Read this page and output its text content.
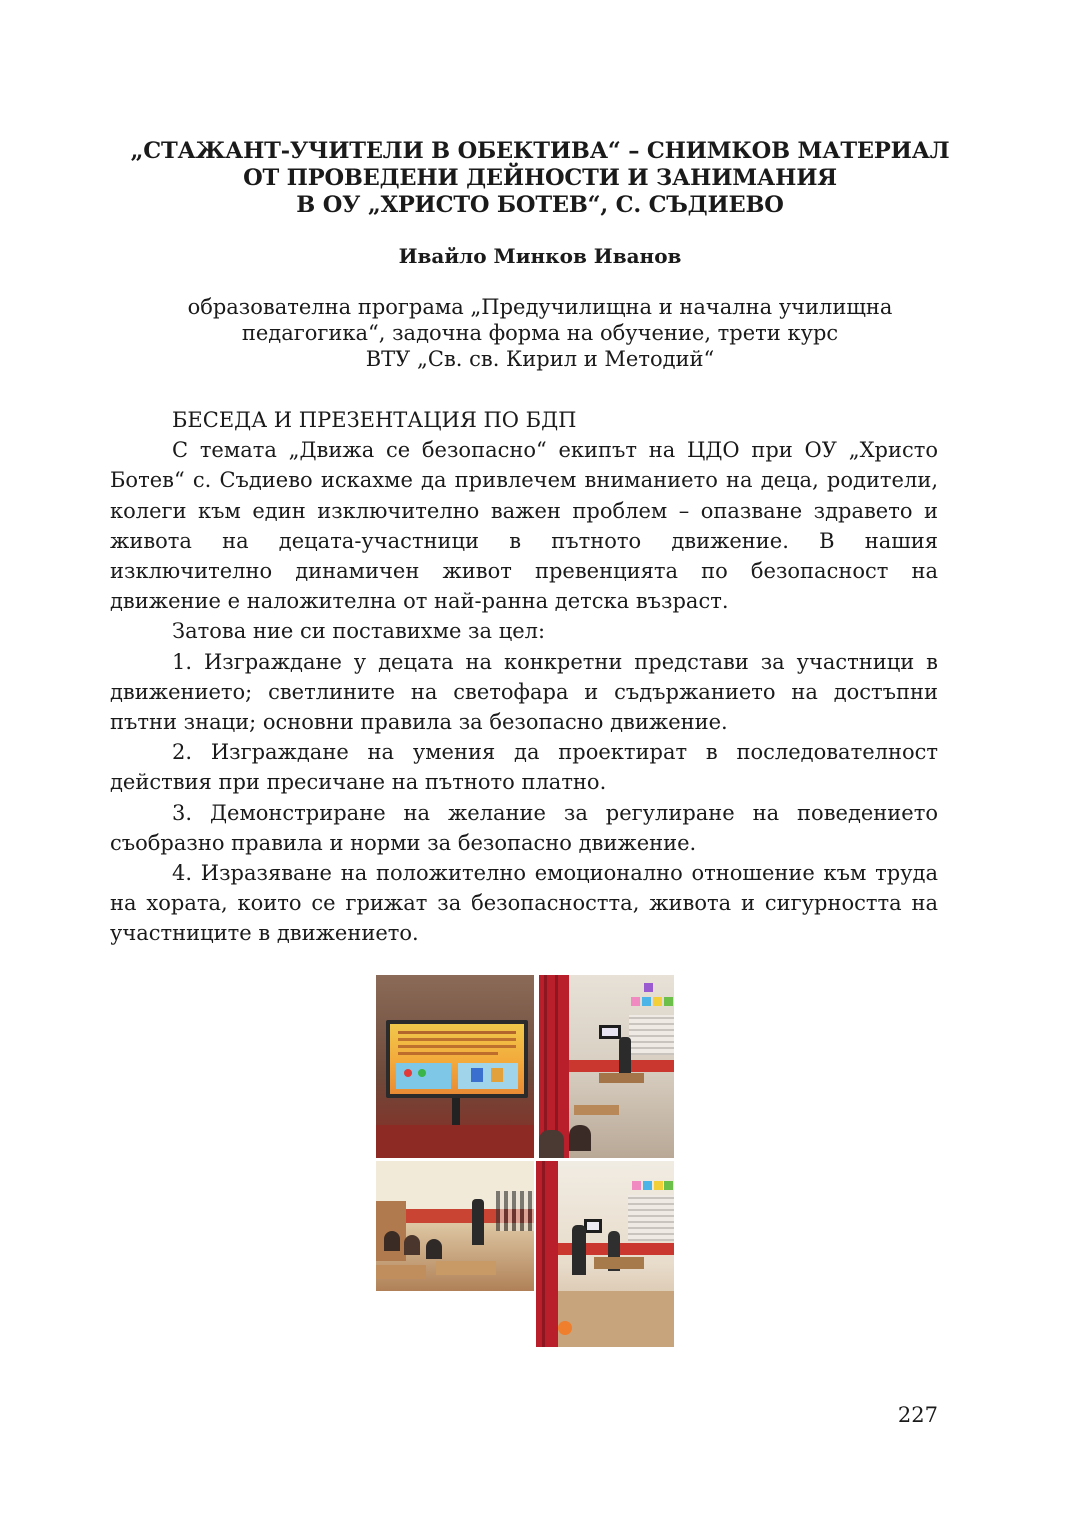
„СТАЖАНТ-УЧИТЕЛИ В ОБЕКТИВА“ – СНИМКОВ МАТЕРИАЛ
ОТ ПРОВЕДЕНИ ДЕЙНОСТИ И ЗАНИМАНИЯ
В ОУ „ХРИСТО БОТЕВ“, С. СЪДИЕВО
Ивайло Минков Иванов
образователна програма „Предучилищна и начална училищна
педагогика“, задочна форма на обучение, трети курс
ВТУ „Св. св. Кирил и Методий“

БЕСЕДА И ПРЕЗЕНТАЦИЯ ПО БДП

С темата „Движа се безопасно“ екипът на ЦДО при ОУ „Христо Ботев“ с. Съдиево искахме да привлечем вниманието на деца, родители, колеги към един изключително важен проблем – опазване здравето и живота на децата-участници в пътното движение. В нашия изключително динамичен живот превенцията по безопасност на движение е наложителна от най-ранна детска възраст.

Затова ние си поставихме за цел:

1. Изграждане у децата на конкретни представи за участници в движението; светлините на светофара и съдържанието на достъпни пътни знаци; основни правила за безопасно движение.

2. Изграждане на умения да проектират в последователност действия при пресичане на пътното платно.

3. Демонстриране на желание за регулиране на поведението съобразно правила и норми за безопасно движение.

4. Изразяване на положително емоционално отношение към труда на хората, които се грижат за безопасността, живота и сигурността на участниците в движението.

227
